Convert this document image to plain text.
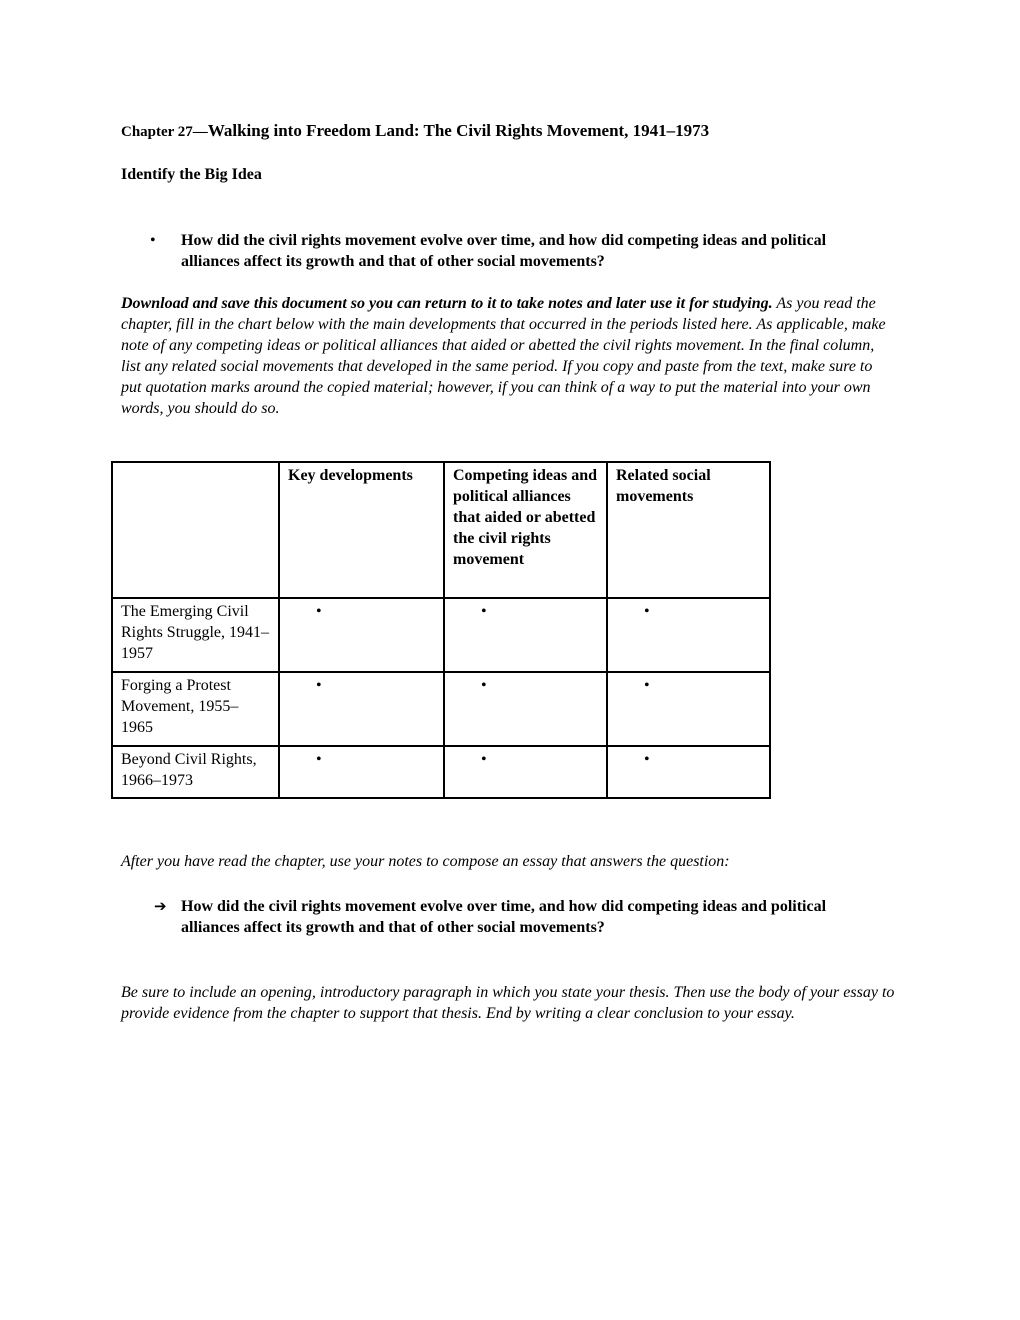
Chapter 27—Walking into Freedom Land: The Civil Rights Movement, 1941–1973
Identify the Big Idea
• How did the civil rights movement evolve over time, and how did competing ideas and political alliances affect its growth and that of other social movements?
Download and save this document so you can return to it to take notes and later use it for studying. As you read the chapter, fill in the chart below with the main developments that occurred in the periods listed here. As applicable, make note of any competing ideas or political alliances that aided or abetted the civil rights movement. In the final column, list any related social movements that developed in the same period. If you copy and paste from the text, make sure to put quotation marks around the copied material; however, if you can think of a way to put the material into your own words, you should do so.
	Key developments	Competing ideas and political alliances that aided or abetted the civil rights movement	Related social movements
The Emerging Civil Rights Struggle, 1941–1957	•	•	•

Forging a Protest Movement, 1955–1965	•	•	•

Beyond Civil Rights, 1966–1973	•	•	•
After you have read the chapter, use your notes to compose an essay that answers the question:
➔ How did the civil rights movement evolve over time, and how did competing ideas and political alliances affect its growth and that of other social movements?
Be sure to include an opening, introductory paragraph in which you state your thesis. Then use the body of your essay to provide evidence from the chapter to support that thesis. End by writing a clear conclusion to your essay.
